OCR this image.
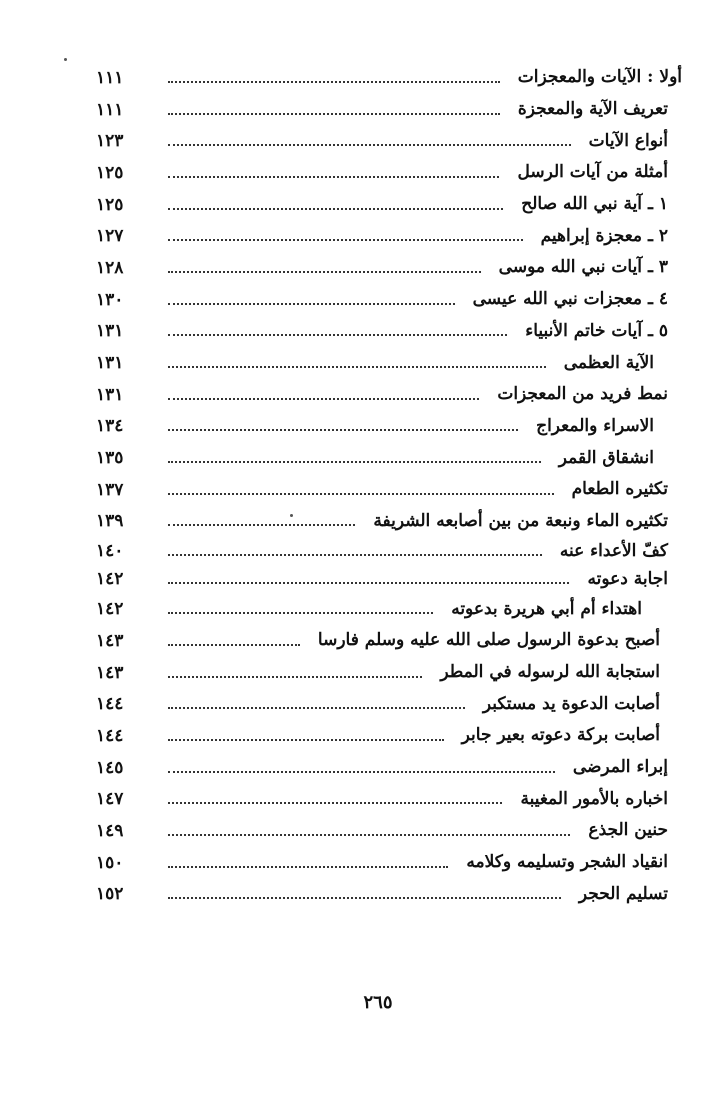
أولا : الآيات والمعجزات
١١١
تعريف الآية والمعجزة
١١١
أنواع الآيات
١٢٣
أمثلة من آيات الرسل
١٢٥
١ ـ آية نبي الله صالح
١٢٥
٢ ـ معجزة إبراهيم
١٢٧
٣ ـ آيات نبي الله موسى
١٢٨
٤ ـ معجزات نبي الله عيسى
١٣٠
٥ ـ آيات خاتم الأنبياء
١٣١
الآية العظمى
١٣١
نمط فريد من المعجزات
١٣١
الاسراء والمعراج
١٣٤
انشقاق القمر
١٣٥
تكثيره الطعام
١٣٧
تكثيره الماء ونبعة من بين أصابعه الشريفة
١٣٩
كفّ الأعداء عنه
١٤٠
اجابة دعوته
١٤٢
اهتداء أم أبي هريرة بدعوته
١٤٢
أصبح بدعوة الرسول صلى الله عليه وسلم فارسا
١٤٣
استجابة الله لرسوله في المطر
١٤٣
أصابت الدعوة يد مستكبر
١٤٤
أصابت بركة دعوته بعير جابر
١٤٤
إبراء المرضى
١٤٥
اخباره بالأمور المغيبة
١٤٧
حنين الجذع
١٤٩
انقياد الشجر وتسليمه وكلامه
١٥٠
تسليم الحجر
١٥٢
٢٦٥
